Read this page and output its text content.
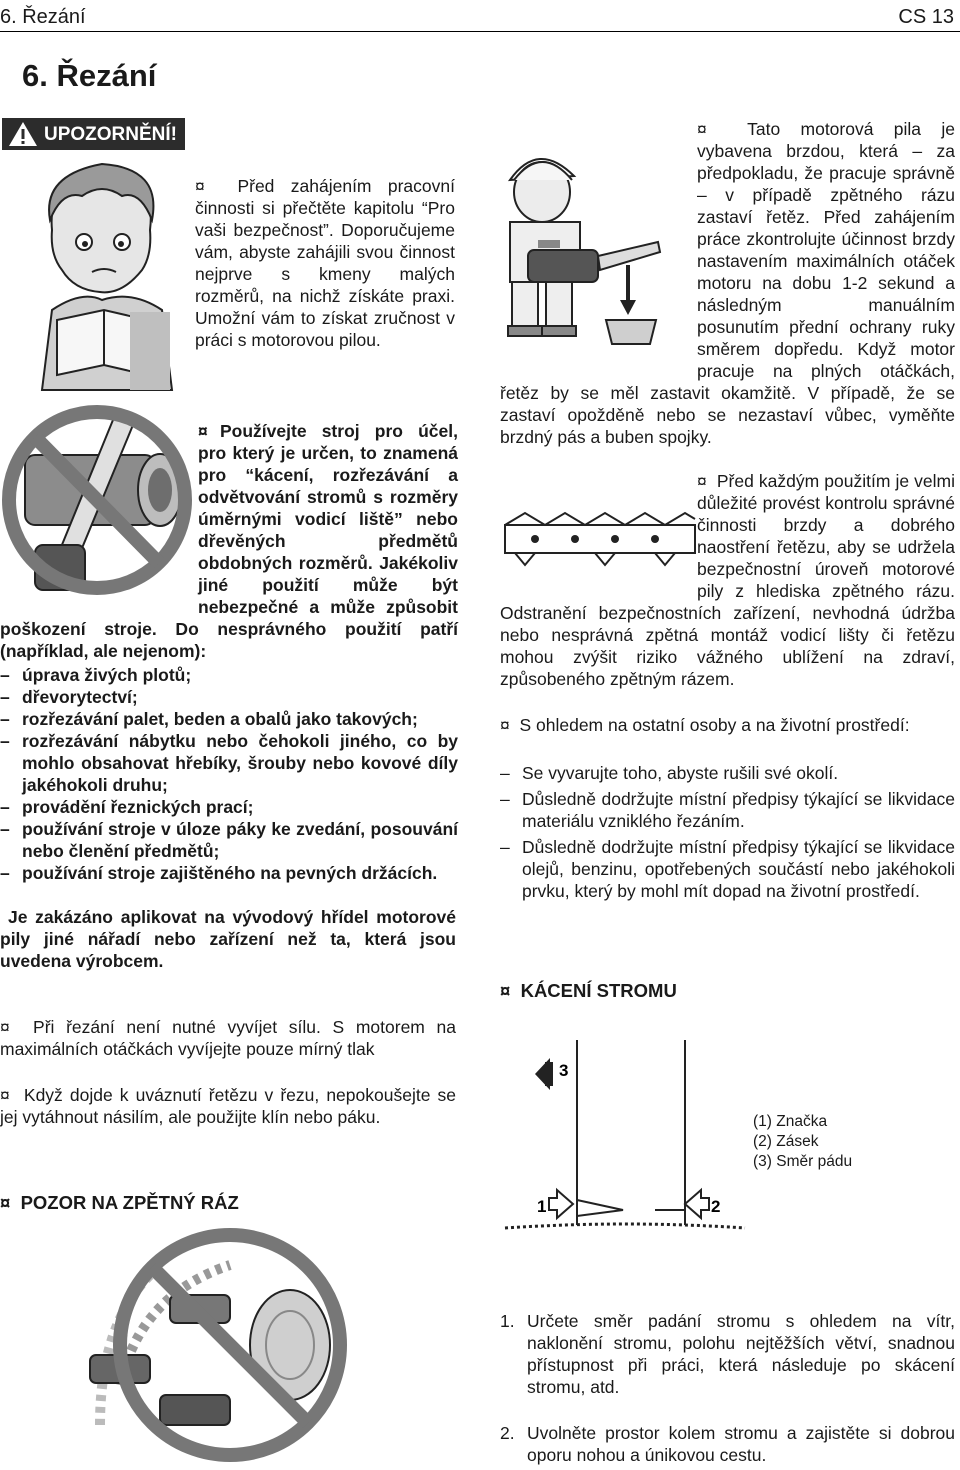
6. Řezání	CS 13
6. Řezání
UPOZORNĚNÍ!
¤ Před zahájením pracovní činnosti si přečtěte kapitolu “Pro vaši bezpečnost”. Doporučujeme vám, abyste zahájili svou činnost nejprve s kmeny malých rozměrů, na nichž získáte praxi. Umožní vám to získat zručnost v práci s motorovou pilou.
¤ Používejte stroj pro účel, pro který je určen, to znamená pro “kácení, rozřezávání a odvětvování stromů s rozměry úměrnými vodicí liště” nebo dřevěných předmětů obdobných rozměrů. Jakékoliv jiné použití může být nebezpečné a může způsobit poškození stroje. Do nesprávného použití patří (například, ale nejenom):

– úprava živých plotů;
– dřevorytectví;
– rozřezávání palet, beden a obalů jako takových;
– rozřezávání nábytku nebo čehokoli jiného, co by mohlo obsahovat hřebíky, šrouby nebo kovové díly jakéhokoli druhu;
– provádění řeznických prací;
– používání stroje v úloze páky ke zvedání, posouvání nebo členění předmětů;
– používání stroje zajištěného na pevných držácích.
Je zakázáno aplikovat na vývodový hřídel motorové pily jiné nářadí nebo zařízení než ta, která jsou uvedena výrobcem.
¤ Při řezání není nutné vyvíjet sílu. S motorem na maximálních otáčkách vyvíjejte pouze mírný tlak
¤ Když dojde k uváznutí řetězu v řezu, nepokoušejte se jej vytáhnout násilím, ale použijte klín nebo páku.
¤ POZOR NA ZPĚTNÝ RÁZ

¤ Tato motorová pila je vybavena brzdou, která – za předpokladu, že pracuje správně – v případě zpětného rázu zastaví řetěz. Před zahájením práce zkontrolujte účinnost brzdy nastavením maximálních otáček motoru na dobu 1-2 sekund a následným manuálním posunutím přední ochrany ruky směrem dopředu. Když motor pracuje na plných otáčkách, řetěz by se měl zastavit okamžitě. V případě, že se zastaví opožděně nebo se nezastaví vůbec, vyměňte brzdný pás a buben spojky.

¤ Před každým použitím je velmi důležité provést kontrolu správné činnosti brzdy a dobrého naostření řetězu, aby se udržela bezpečnostní úroveň motorové pily z hlediska zpětného rázu. Odstranění bezpečnostních zařízení, nevhodná údržba nebo nesprávná zpětná montáž vodicí lišty či řetězu mohou zvýšit riziko vážného ublížení na zdraví, způsobeného zpětným rázem.

¤ S ohledem na ostatní osoby a na životní prostředí:
– Se vyvarujte toho, abyste rušili své okolí.
– Důsledně dodržujte místní předpisy týkající se likvidace materiálu vzniklého řezáním.
– Důsledně dodržujte místní předpisy týkající se likvidace olejů, benzinu, opotřebených součástí nebo jakéhokoli prvku, který by mohl mít dopad na životní prostředí.
¤ KÁCENÍ STROMU
3
1	2
(1) Značka
(2) Zásek
(3) Směr pádu
1. Určete směr padání stromu s ohledem na vítr, naklonění stromu, polohu nejtěžších větví, snadnou přístupnost při práci, která následuje po skácení stromu, atd.
2. Uvolněte prostor kolem stromu a zajistěte si dobrou oporu nohou a únikovou cestu.
